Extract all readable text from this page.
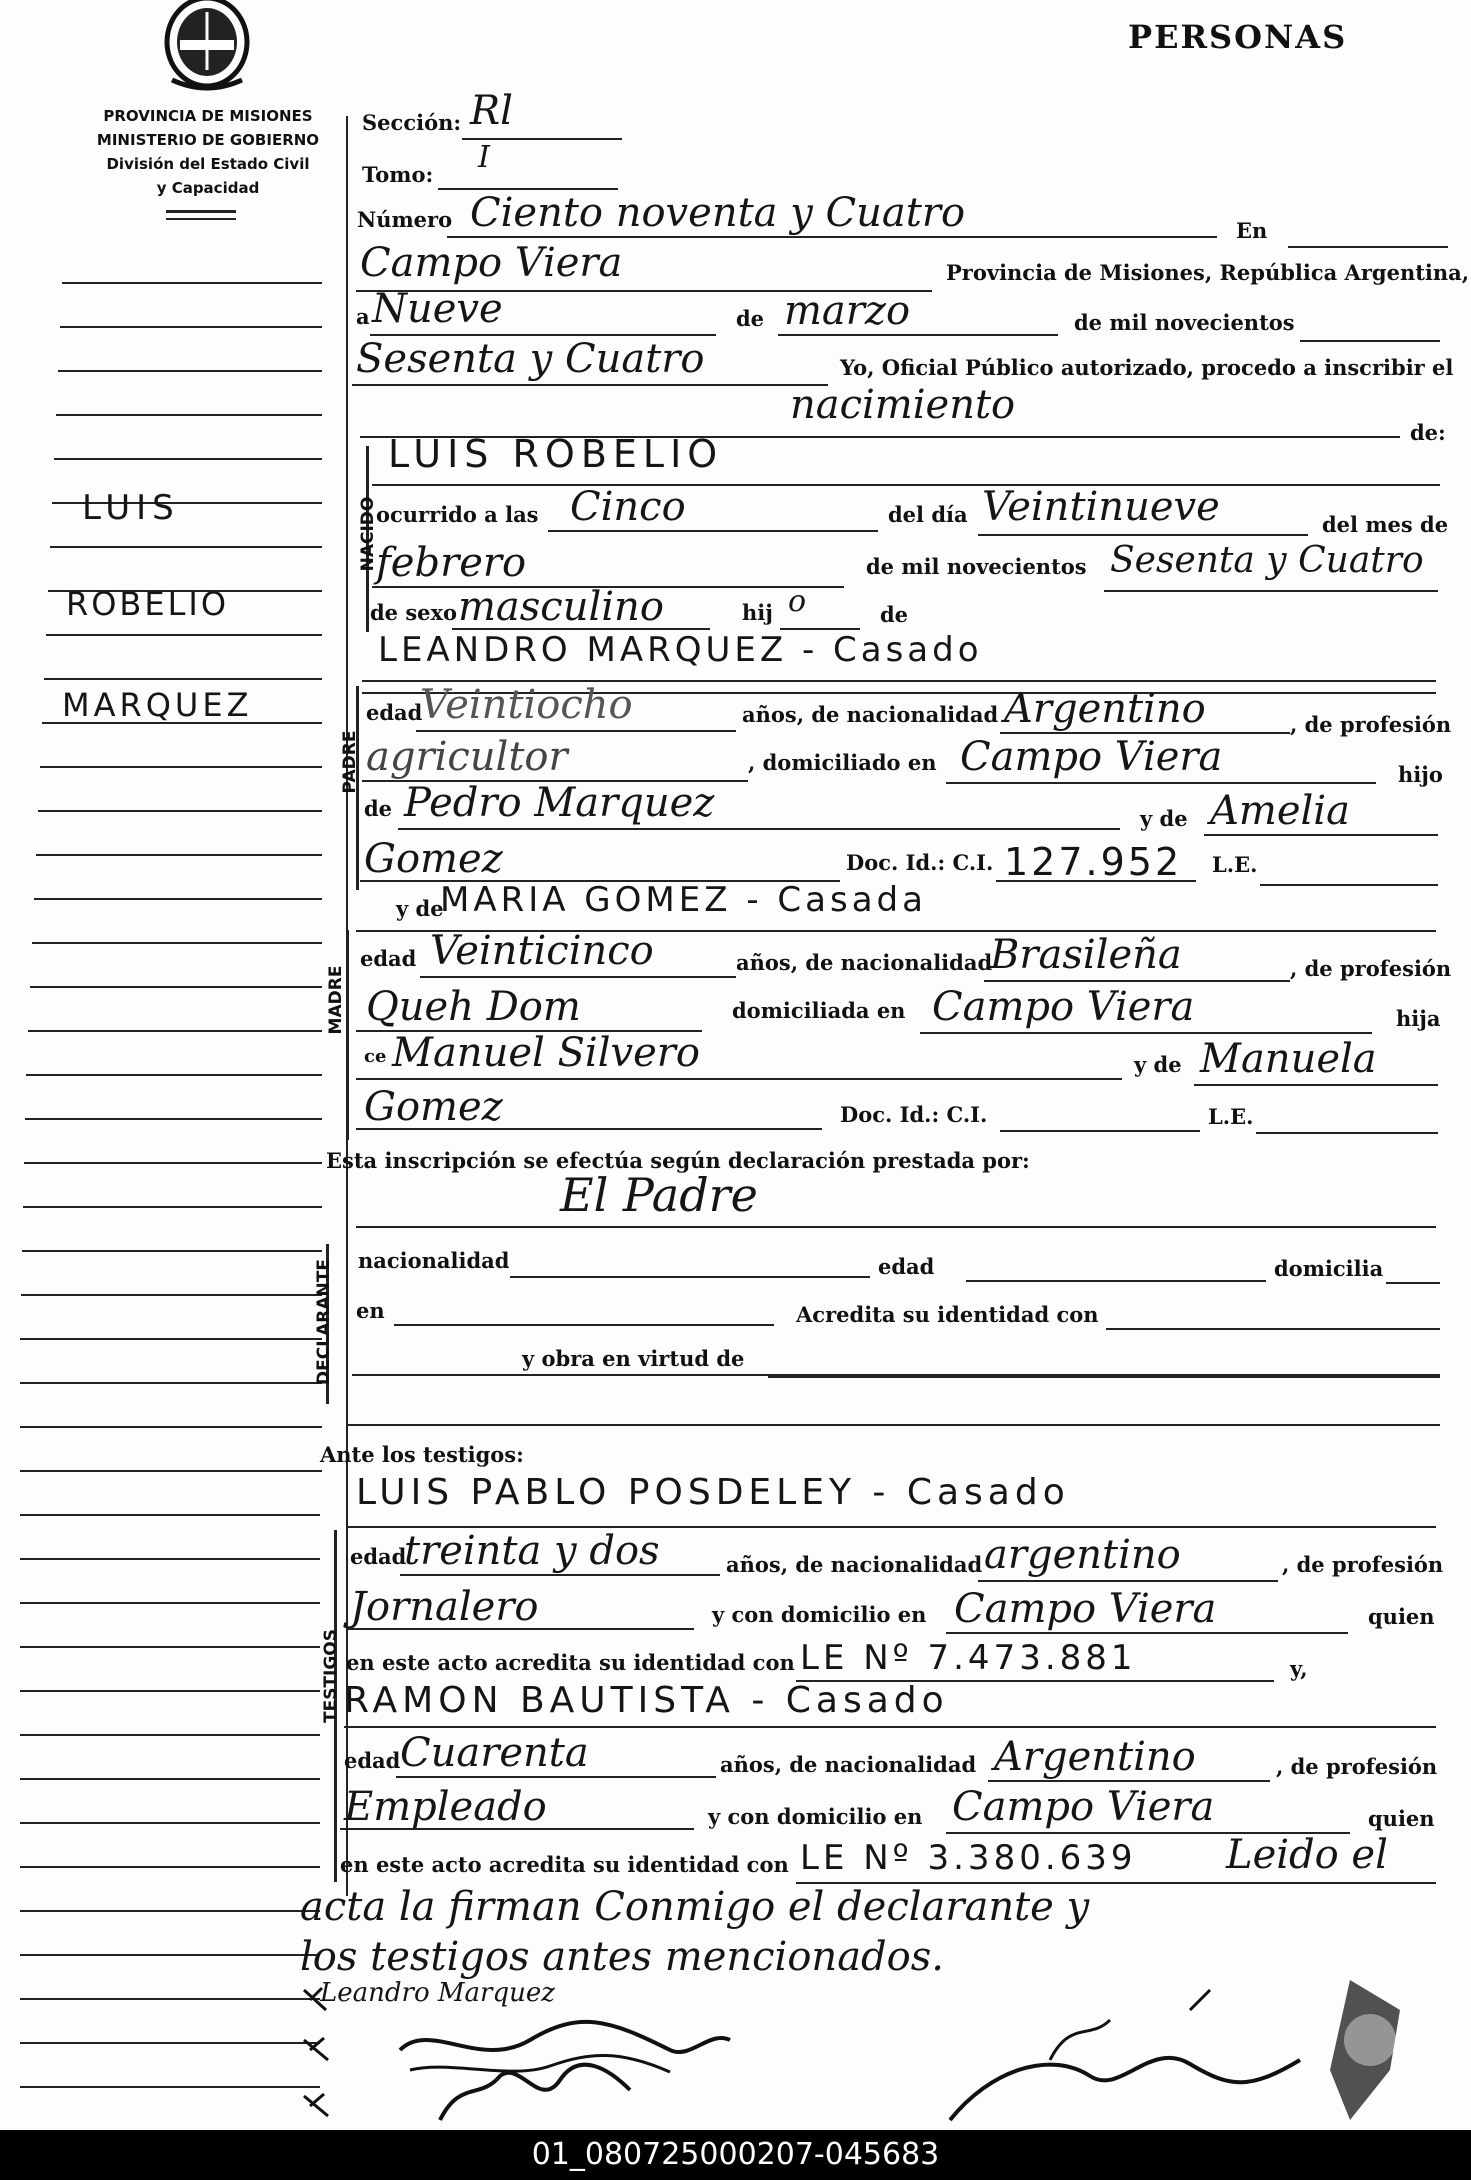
PERSONAS
PROVINCIA DE MISIONES
MINISTERIO DE GOBIERNO
División del Estado Civil
y Capacidad
LUIS
ROBELIO
MARQUEZ
Sección: Rl
Tomo: I
Número Ciento noventa y Cuatro	En
Campo Viera	Provincia de Misiones, República Argentina,
a Nueve	de marzo	de mil novecientos
Sesenta y Cuatro	Yo, Oficial Público autorizado, procedo a inscribir el
nacimiento
de:
NACIDO
LUIS ROBELIO
ocurrido a las Cinco	del día Veintinueve	del mes de
febrero	de mil novecientos Sesenta y Cuatro
de sexo masculino	hij o	de
PADRE
LEANDRO MARQUEZ - Casado
edad
Veintiocho	años, de nacionalidad Argentino	, de profesión
agricultor	, domiciliado en Campo Viera	hijo
de Pedro Marquez	y de Amelia
Gomez	Doc. Id.: C.I. 127.952 L.E.
MADRE
y de
MARIA GOMEZ - Casada
edad Veinticinco	años, de nacionalidad
Brasileña	, de profesión
Queh Dom	domiciliada en Campo Viera	hija
ce Manuel Silvero	y de Manuela
Gomez	Doc. Id.: C.I.	L.E.
Esta inscripción se efectúa según declaración prestada por:
El Padre
DECLARANTE nacionalidad	edad	domicilia
en	Acredita su identidad con
y obra en virtud de
Ante los testigos:
TESTIGOS
LUIS PABLO POSDELEY - Casado
edad
treinta y dos	años, de nacionalidad argentino	, de profesión
Jornalero	y con domicilio en Campo Viera	quien
en este acto acredita su identidad con LE Nº 7.473.881	y,
RAMON BAUTISTA - Casado
edad Cuarenta	años, de nacionalidad Argentino	, de profesión
Empleado	y con domicilio en Campo Viera	quien
en este acto acredita su identidad con LE Nº 3.380.639 Leido el
acta la firman Conmigo el declarante y
los testigos antes mencionados.
Leandro Marquez
01_080725000207-045683
